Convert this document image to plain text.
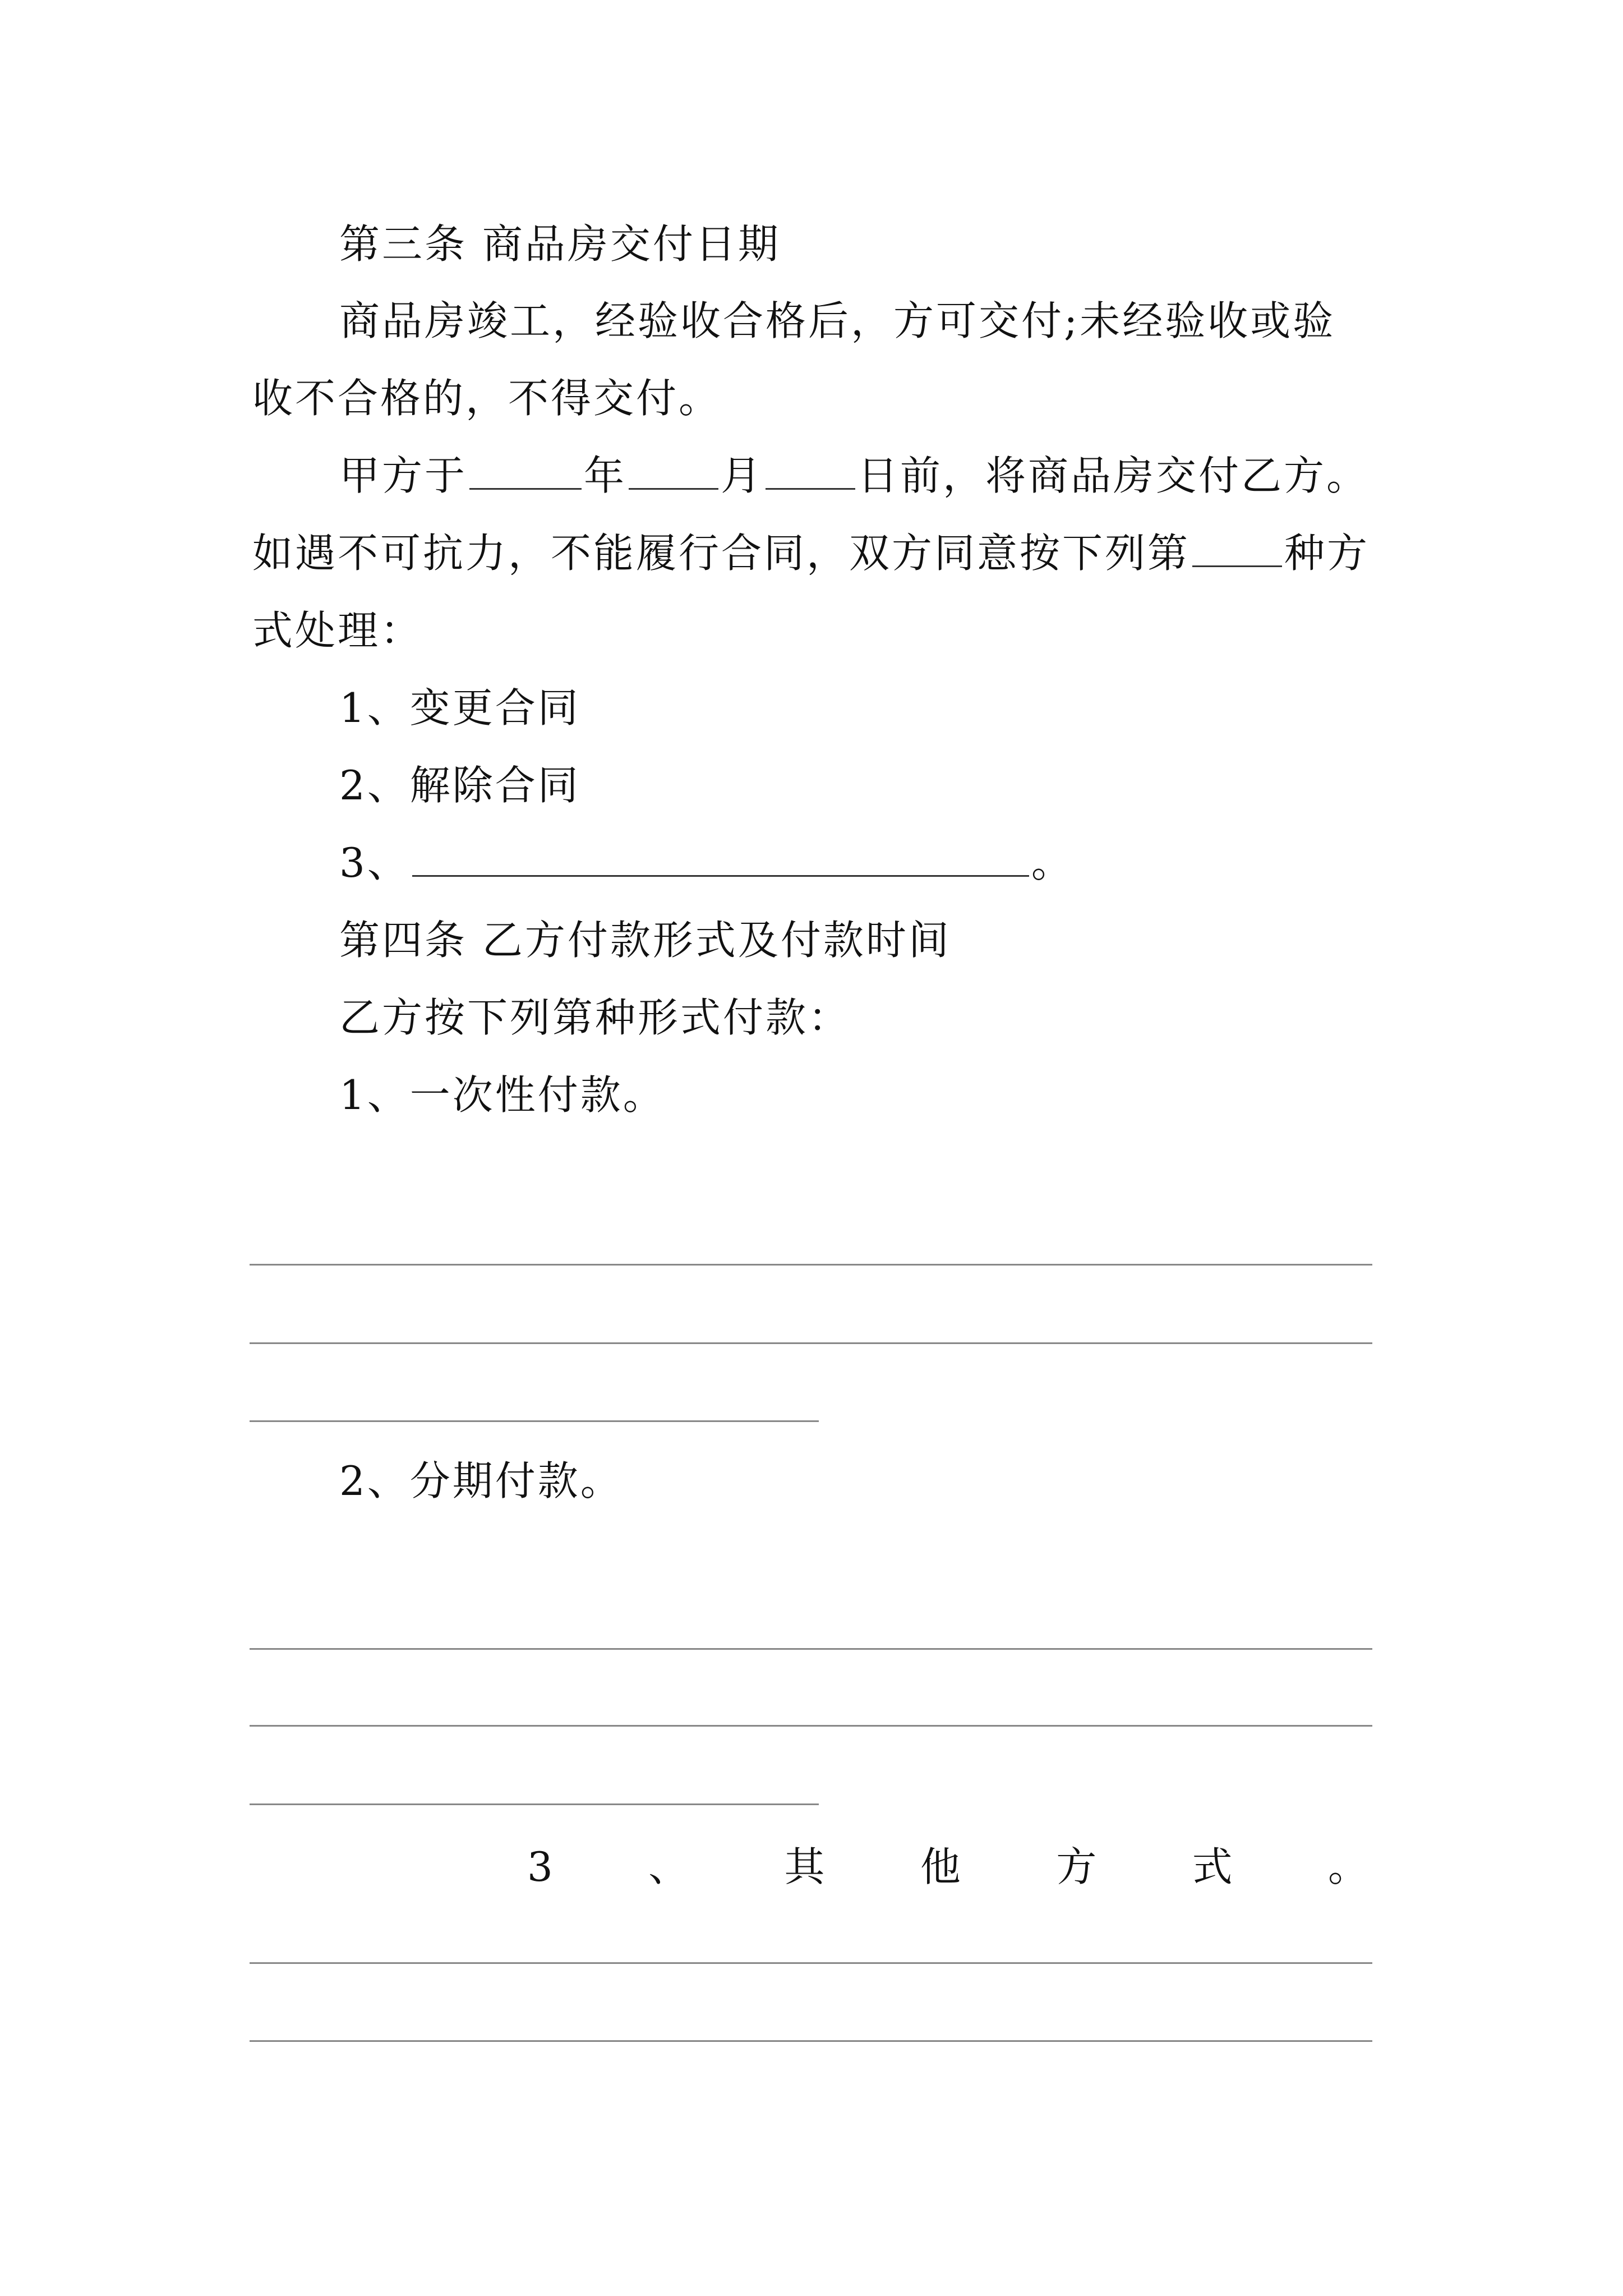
第三条 商品房交付日期
商品房竣工，经验收合格后，方可交付;未经验收或验
收不合格的，不得交付。
甲方于	年 月 日前，将商品房交付乙方。
如遇不可抗力，不能履行合同，双方同意按下列第 种方
式处理：
1、变更合同
2、解除合同
3、	。
第四条 乙方付款形式及付款时间
乙方按下列第种形式付款：
1、一次性付款。
2、分期付款。
3 、 其 他 方 式 。
